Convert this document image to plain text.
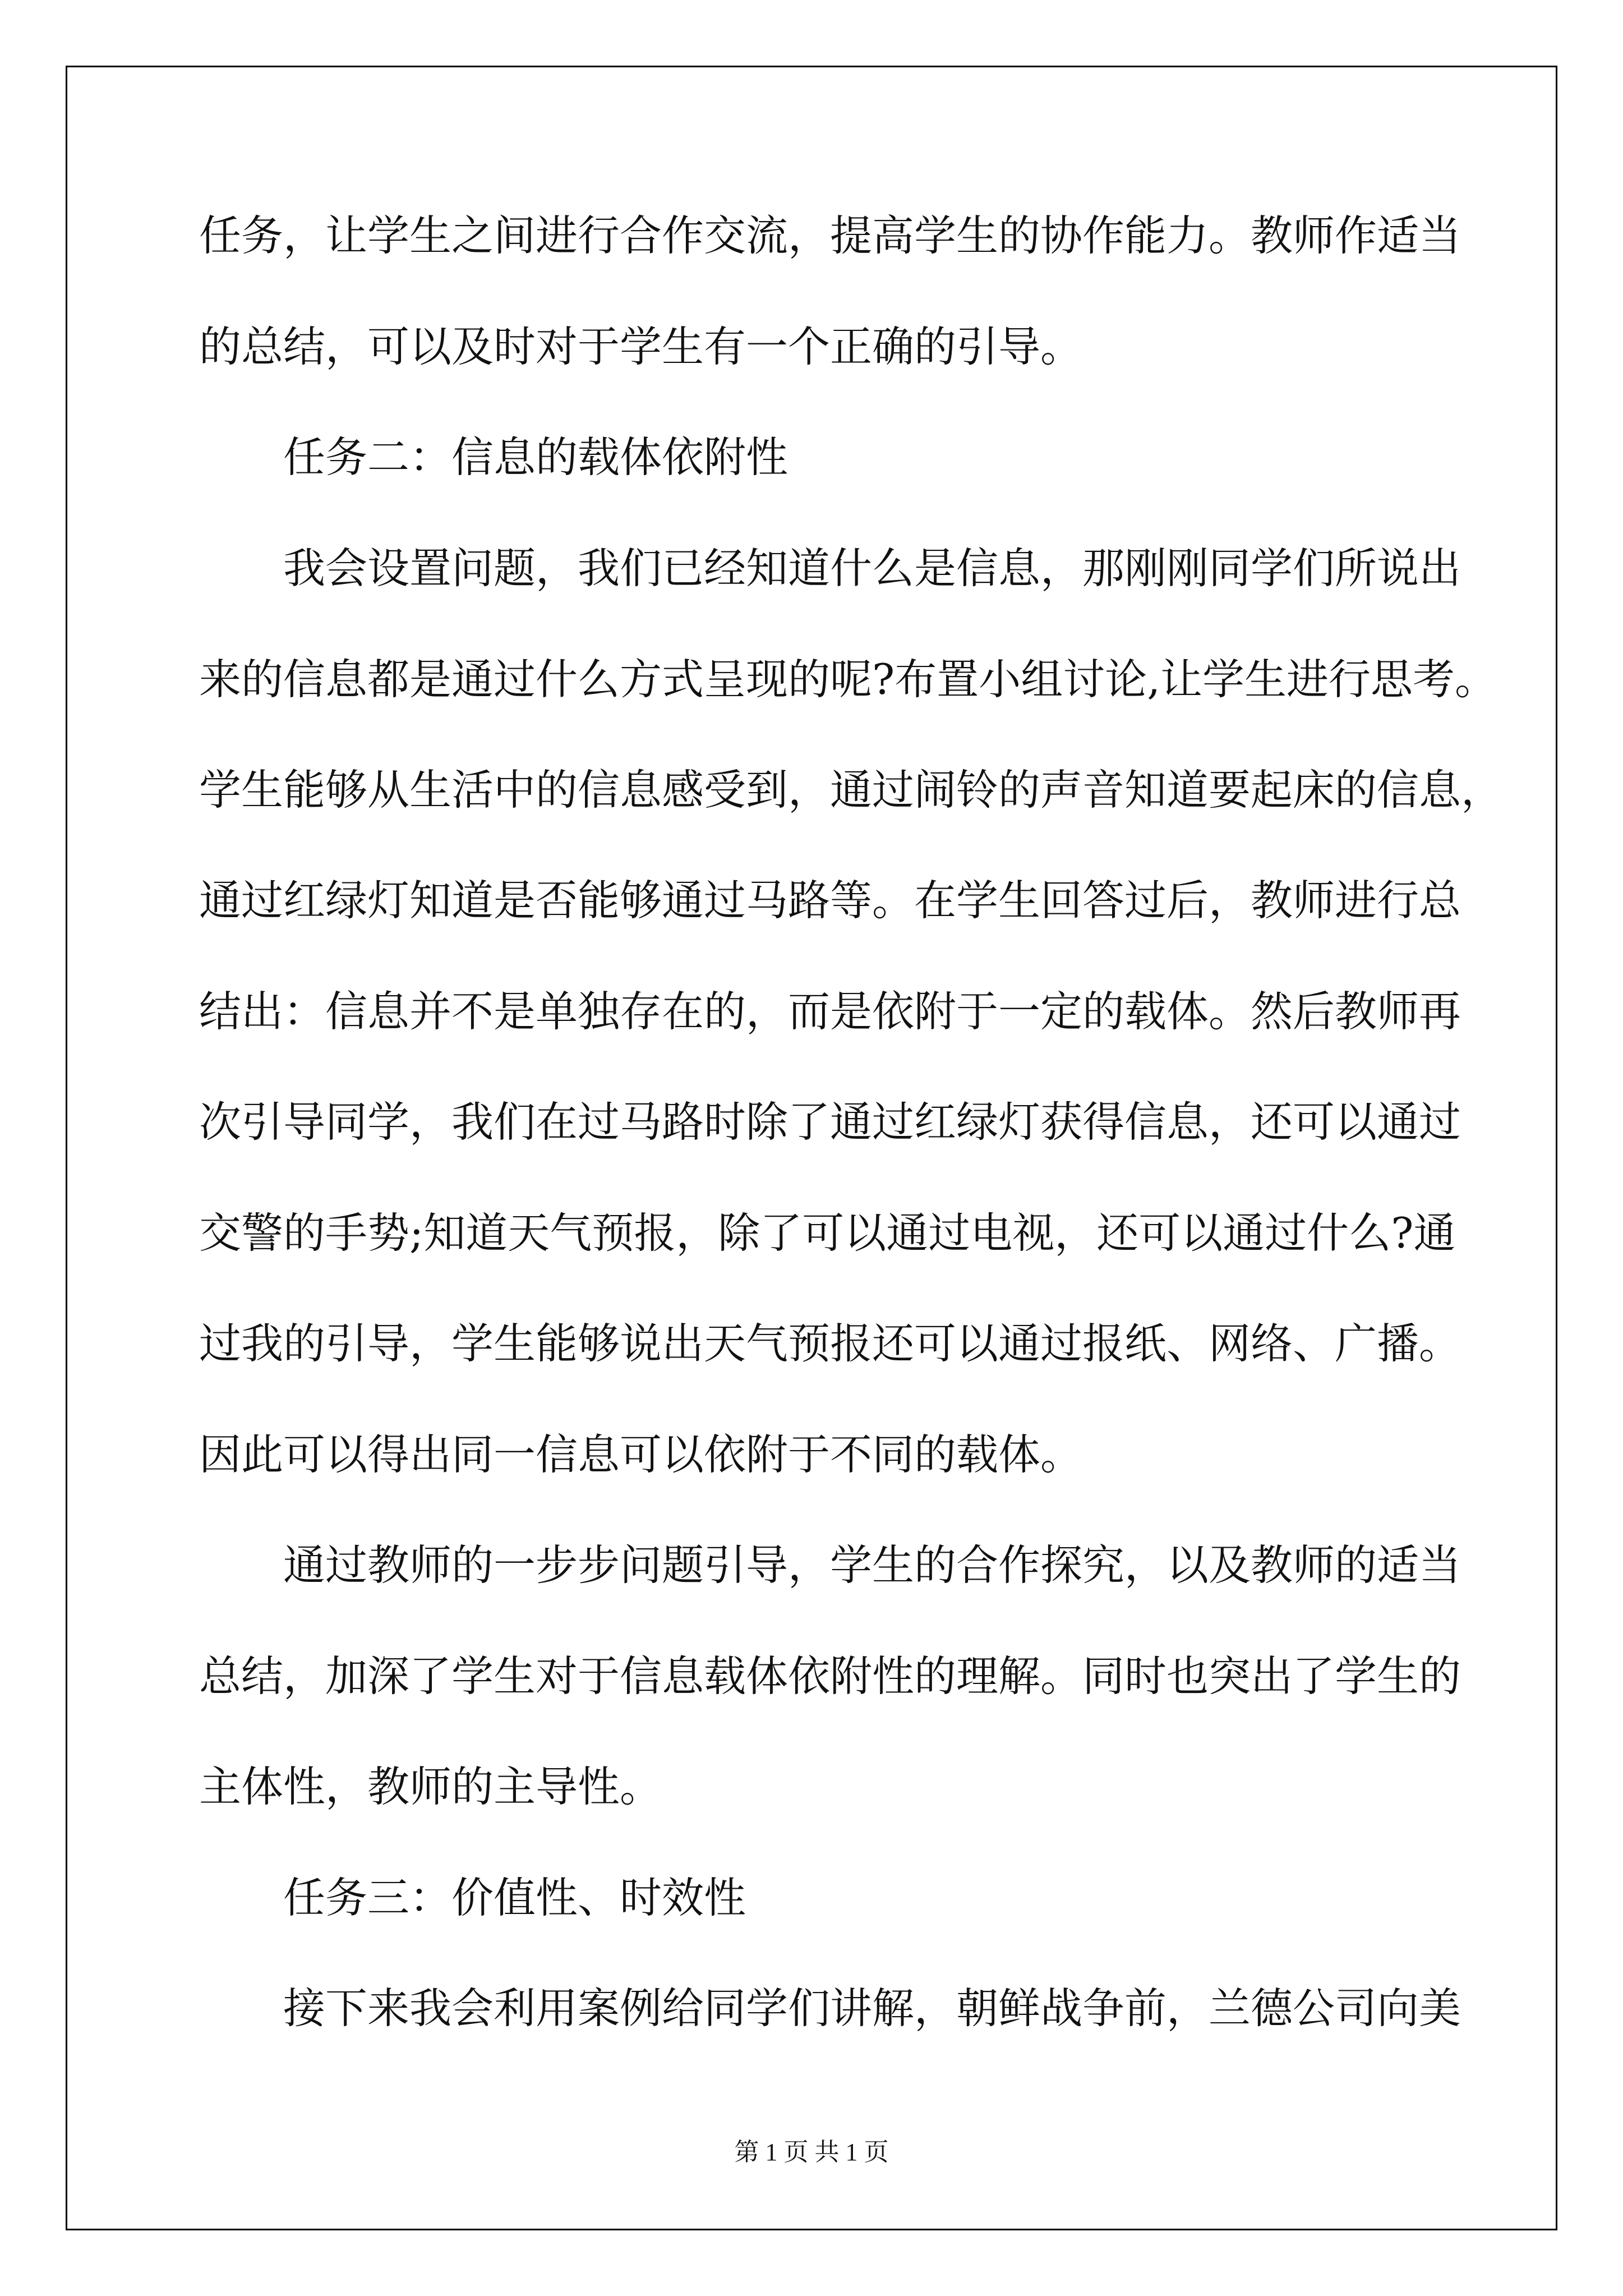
任务，让学生之间进行合作交流，提高学生的协作能力。教师作适当
的总结，可以及时对于学生有一个正确的引导。
任务二：信息的载体依附性
我会设置问题，我们已经知道什么是信息，那刚刚同学们所说出
来的信息都是通过什么方式呈现的呢?布置小组讨论,让学生进行思考。
学生能够从生活中的信息感受到，通过闹铃的声音知道要起床的信息，
通过红绿灯知道是否能够通过马路等。在学生回答过后，教师进行总
结出：信息并不是单独存在的，而是依附于一定的载体。然后教师再
次引导同学，我们在过马路时除了通过红绿灯获得信息，还可以通过
交警的手势;知道天气预报，除了可以通过电视，还可以通过什么?通
过我的引导，学生能够说出天气预报还可以通过报纸、网络、广播。
因此可以得出同一信息可以依附于不同的载体。
通过教师的一步步问题引导，学生的合作探究，以及教师的适当
总结，加深了学生对于信息载体依附性的理解。同时也突出了学生的
主体性，教师的主导性。
任务三：价值性、时效性
接下来我会利用案例给同学们讲解，朝鲜战争前，兰德公司向美
第 1 页 共 1 页
